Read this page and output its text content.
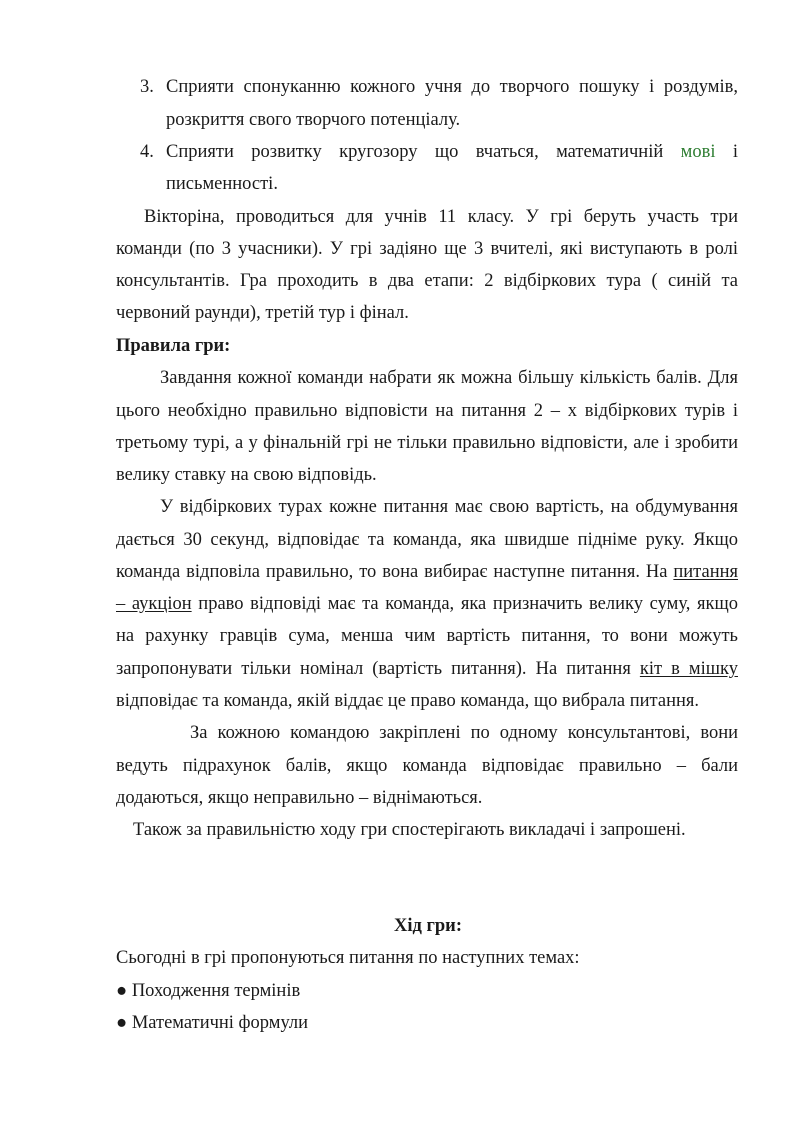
3. Сприяти спонуканню кожного учня до творчого пошуку і роздумів,
розкриття свого творчого потенціалу.
4. Сприяти розвитку кругозору що вчаться, математичній мові і
письменності.
Вікторіна, проводиться для учнів 11 класу. У грі беруть участь три
команди (по 3 учасники). У грі задіяно ще 3 вчителі, які виступають в ролі
консультантів. Гра проходить в два етапи: 2 відбіркових тура ( синій та
червоний раунди), третій тур і фінал.
Правила гри:
Завдання кожної команди набрати як можна більшу кількість балів. Для
цього необхідно правильно відповісти на питання 2 – х відбіркових турів і
третьому турі, а у фінальній грі не тільки правильно відповісти, але і зробити
велику ставку на свою відповідь.
У відбіркових турах кожне питання має свою вартість, на обдумування
дається 30 секунд, відповідає та команда, яка швидше підніме руку. Якщо
команда відповіла правильно, то вона вибирає наступне питання. На питання
– аукціон право відповіді має та команда, яка призначить велику суму, якщо
на рахунку гравців сума, менша чим вартість питання, то вони можуть
запропонувати тільки номінал (вартість питання). На питання кіт в мішку
відповідає та команда, якій віддає це право команда, що вибрала питання.
За кожною командою закріплені по одному консультантові, вони
ведуть підрахунок балів, якщо команда відповідає правильно – бали
додаються, якщо неправильно – віднімаються.
Також за правильністю ходу гри спостерігають викладачі і запрошені.
Хід гри:
Сьогодні в грі пропонуються питання по наступних темах:
● Походження термінів
● Математичні формули
